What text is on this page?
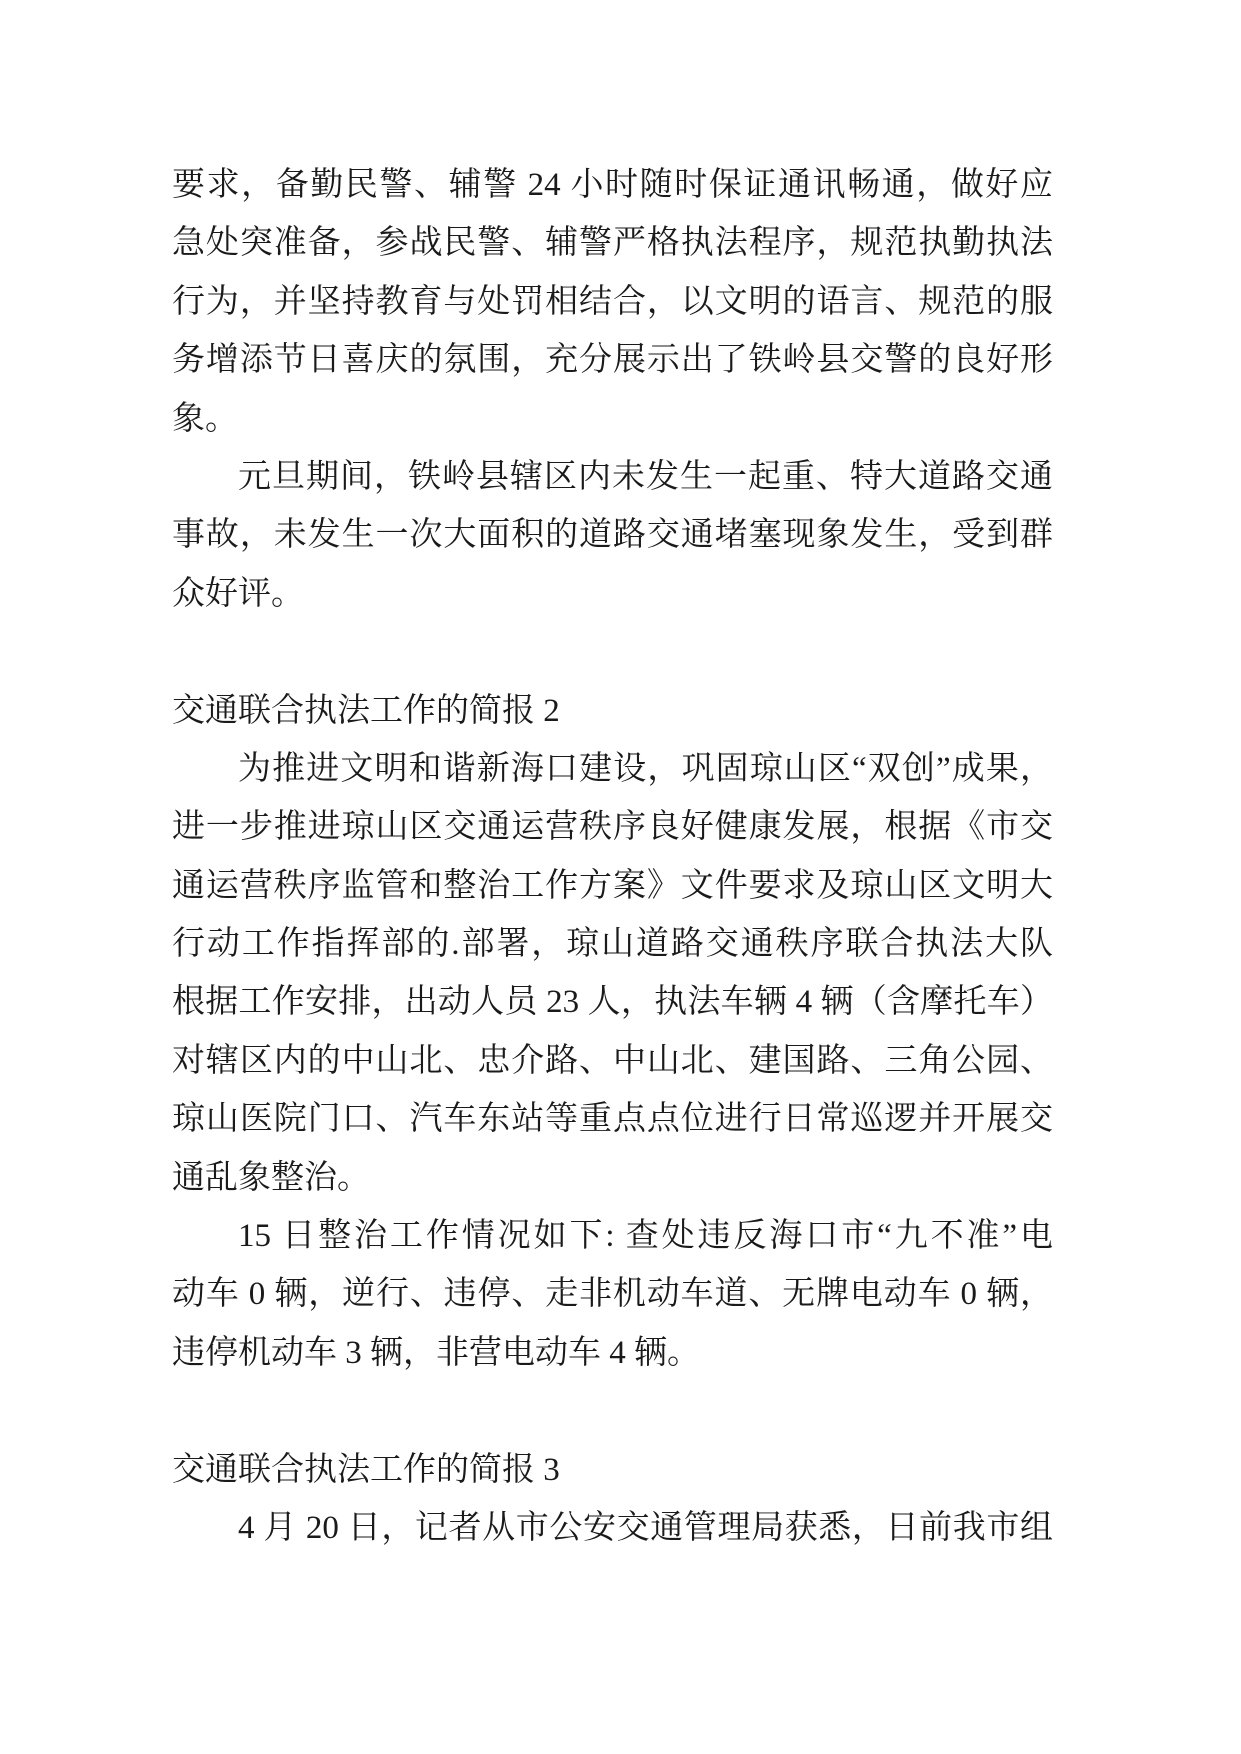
要求，备勤民警、辅警 24 小时随时保证通讯畅通，做好应
急处突准备，参战民警、辅警严格执法程序，规范执勤执法
行为，并坚持教育与处罚相结合，以文明的语言、规范的服
务增添节日喜庆的氛围，充分展示出了铁岭县交警的良好形
象。
元旦期间，铁岭县辖区内未发生一起重、特大道路交通
事故，未发生一次大面积的道路交通堵塞现象发生，受到群
众好评。
交通联合执法工作的简报 2
为推进文明和谐新海口建设，巩固琼山区“双创”成果，
进一步推进琼山区交通运营秩序良好健康发展，根据《市交
通运营秩序监管和整治工作方案》文件要求及琼山区文明大
行动工作指挥部的.部署，琼山道路交通秩序联合执法大队
根据工作安排，出动人员 23 人，执法车辆 4 辆（含摩托车）
对辖区内的中山北、忠介路、中山北、建国路、三角公园、
琼山医院门口、汽车东站等重点点位进行日常巡逻并开展交
通乱象整治。
15 日整治工作情况如下: 查处违反海口市“九不准”电
动车 0 辆，逆行、违停、走非机动车道、无牌电动车 0 辆，
违停机动车 3 辆，非营电动车 4 辆。
交通联合执法工作的简报 3
4 月 20 日，记者从市公安交通管理局获悉，日前我市组
